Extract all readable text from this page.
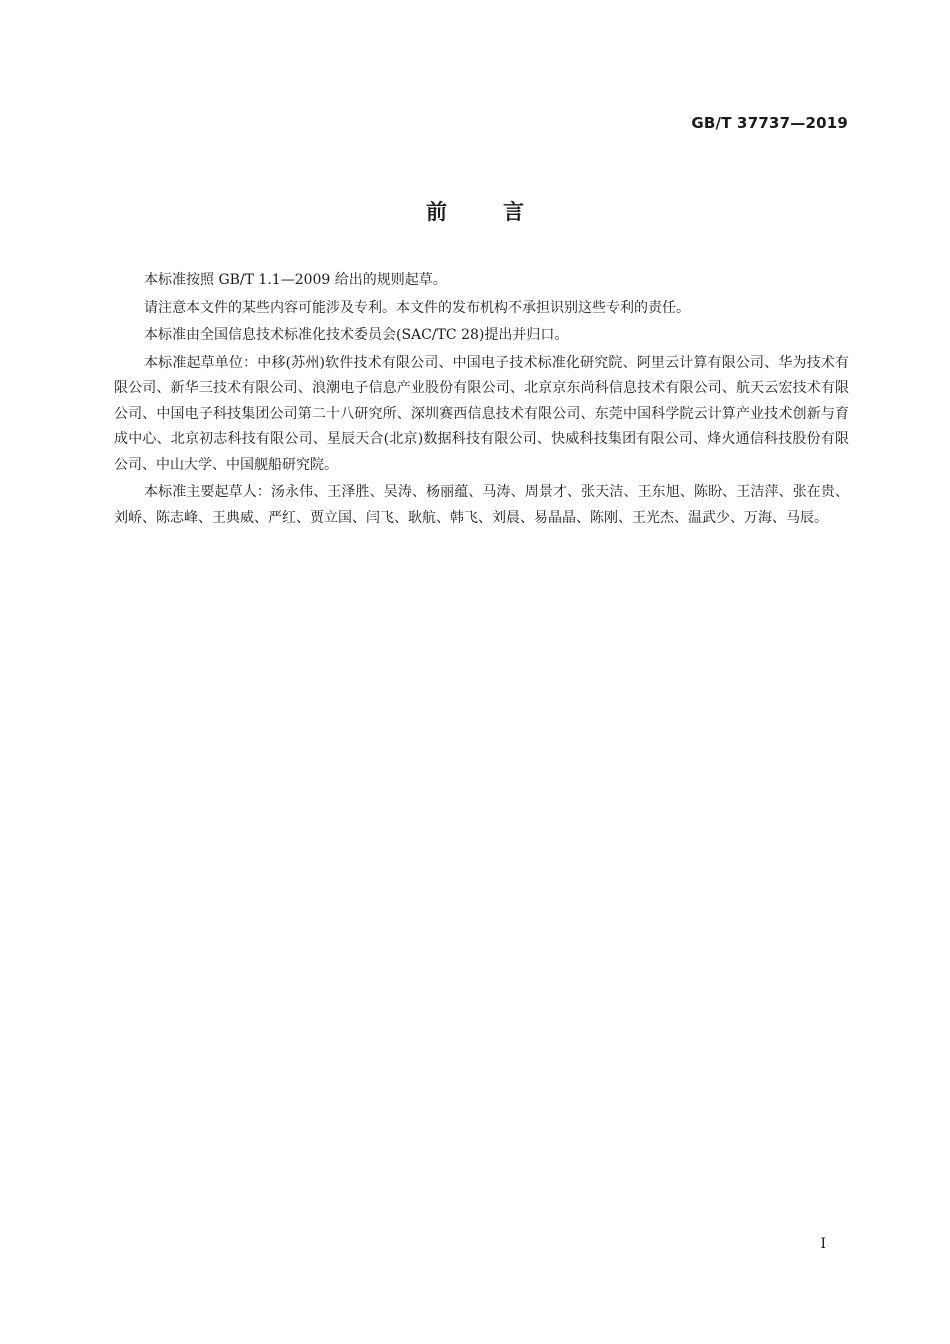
GB/T 37737—2019
前言

本标准按照 GB/T 1.1—2009 给出的规则起草。

请注意本文件的某些内容可能涉及专利。本文件的发布机构不承担识别这些专利的责任。

本标准由全国信息技术标准化技术委员会(SAC/TC 28)提出并归口。

本标准起草单位：中移(苏州)软件技术有限公司、中国电子技术标准化研究院、阿里云计算有限公司、华为技术有限公司、新华三技术有限公司、浪潮电子信息产业股份有限公司、北京京东尚科信息技术有限公司、航天云宏技术有限公司、中国电子科技集团公司第二十八研究所、深圳赛西信息技术有限公司、东莞中国科学院云计算产业技术创新与育成中心、北京初志科技有限公司、星辰天合(北京)数据科技有限公司、快威科技集团有限公司、烽火通信科技股份有限公司、中山大学、中国舰船研究院。

本标准主要起草人：汤永伟、王泽胜、吴涛、杨丽蕴、马涛、周景才、张天洁、王东旭、陈盼、王洁萍、张在贵、刘峤、陈志峰、王典威、严红、贾立国、闫飞、耿航、韩飞、刘晨、易晶晶、陈刚、王光杰、温武少、万海、马辰。

I
